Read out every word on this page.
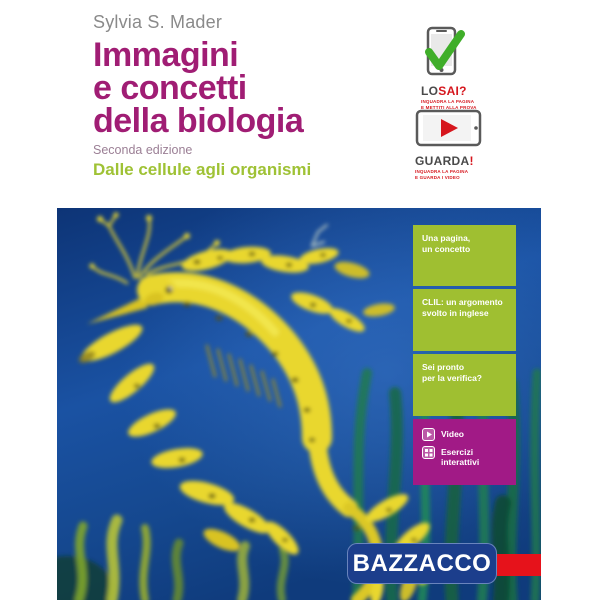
Sylvia S. Mader
Immagini
e concetti
della biologia
Seconda edizione
Dalle cellule agli organismi
LOSAI?
INQUADRA LA PAGINA
E METTITI ALLA PROVA
GUARDA!
INQUADRA LA PAGINA
E GUARDA I VIDEO
Una pagina,
un concetto
CLIL: un argomento
svolto in inglese
Sei pronto
per la verifica?
Video
Esercizi interattivi
BAZZACCO
